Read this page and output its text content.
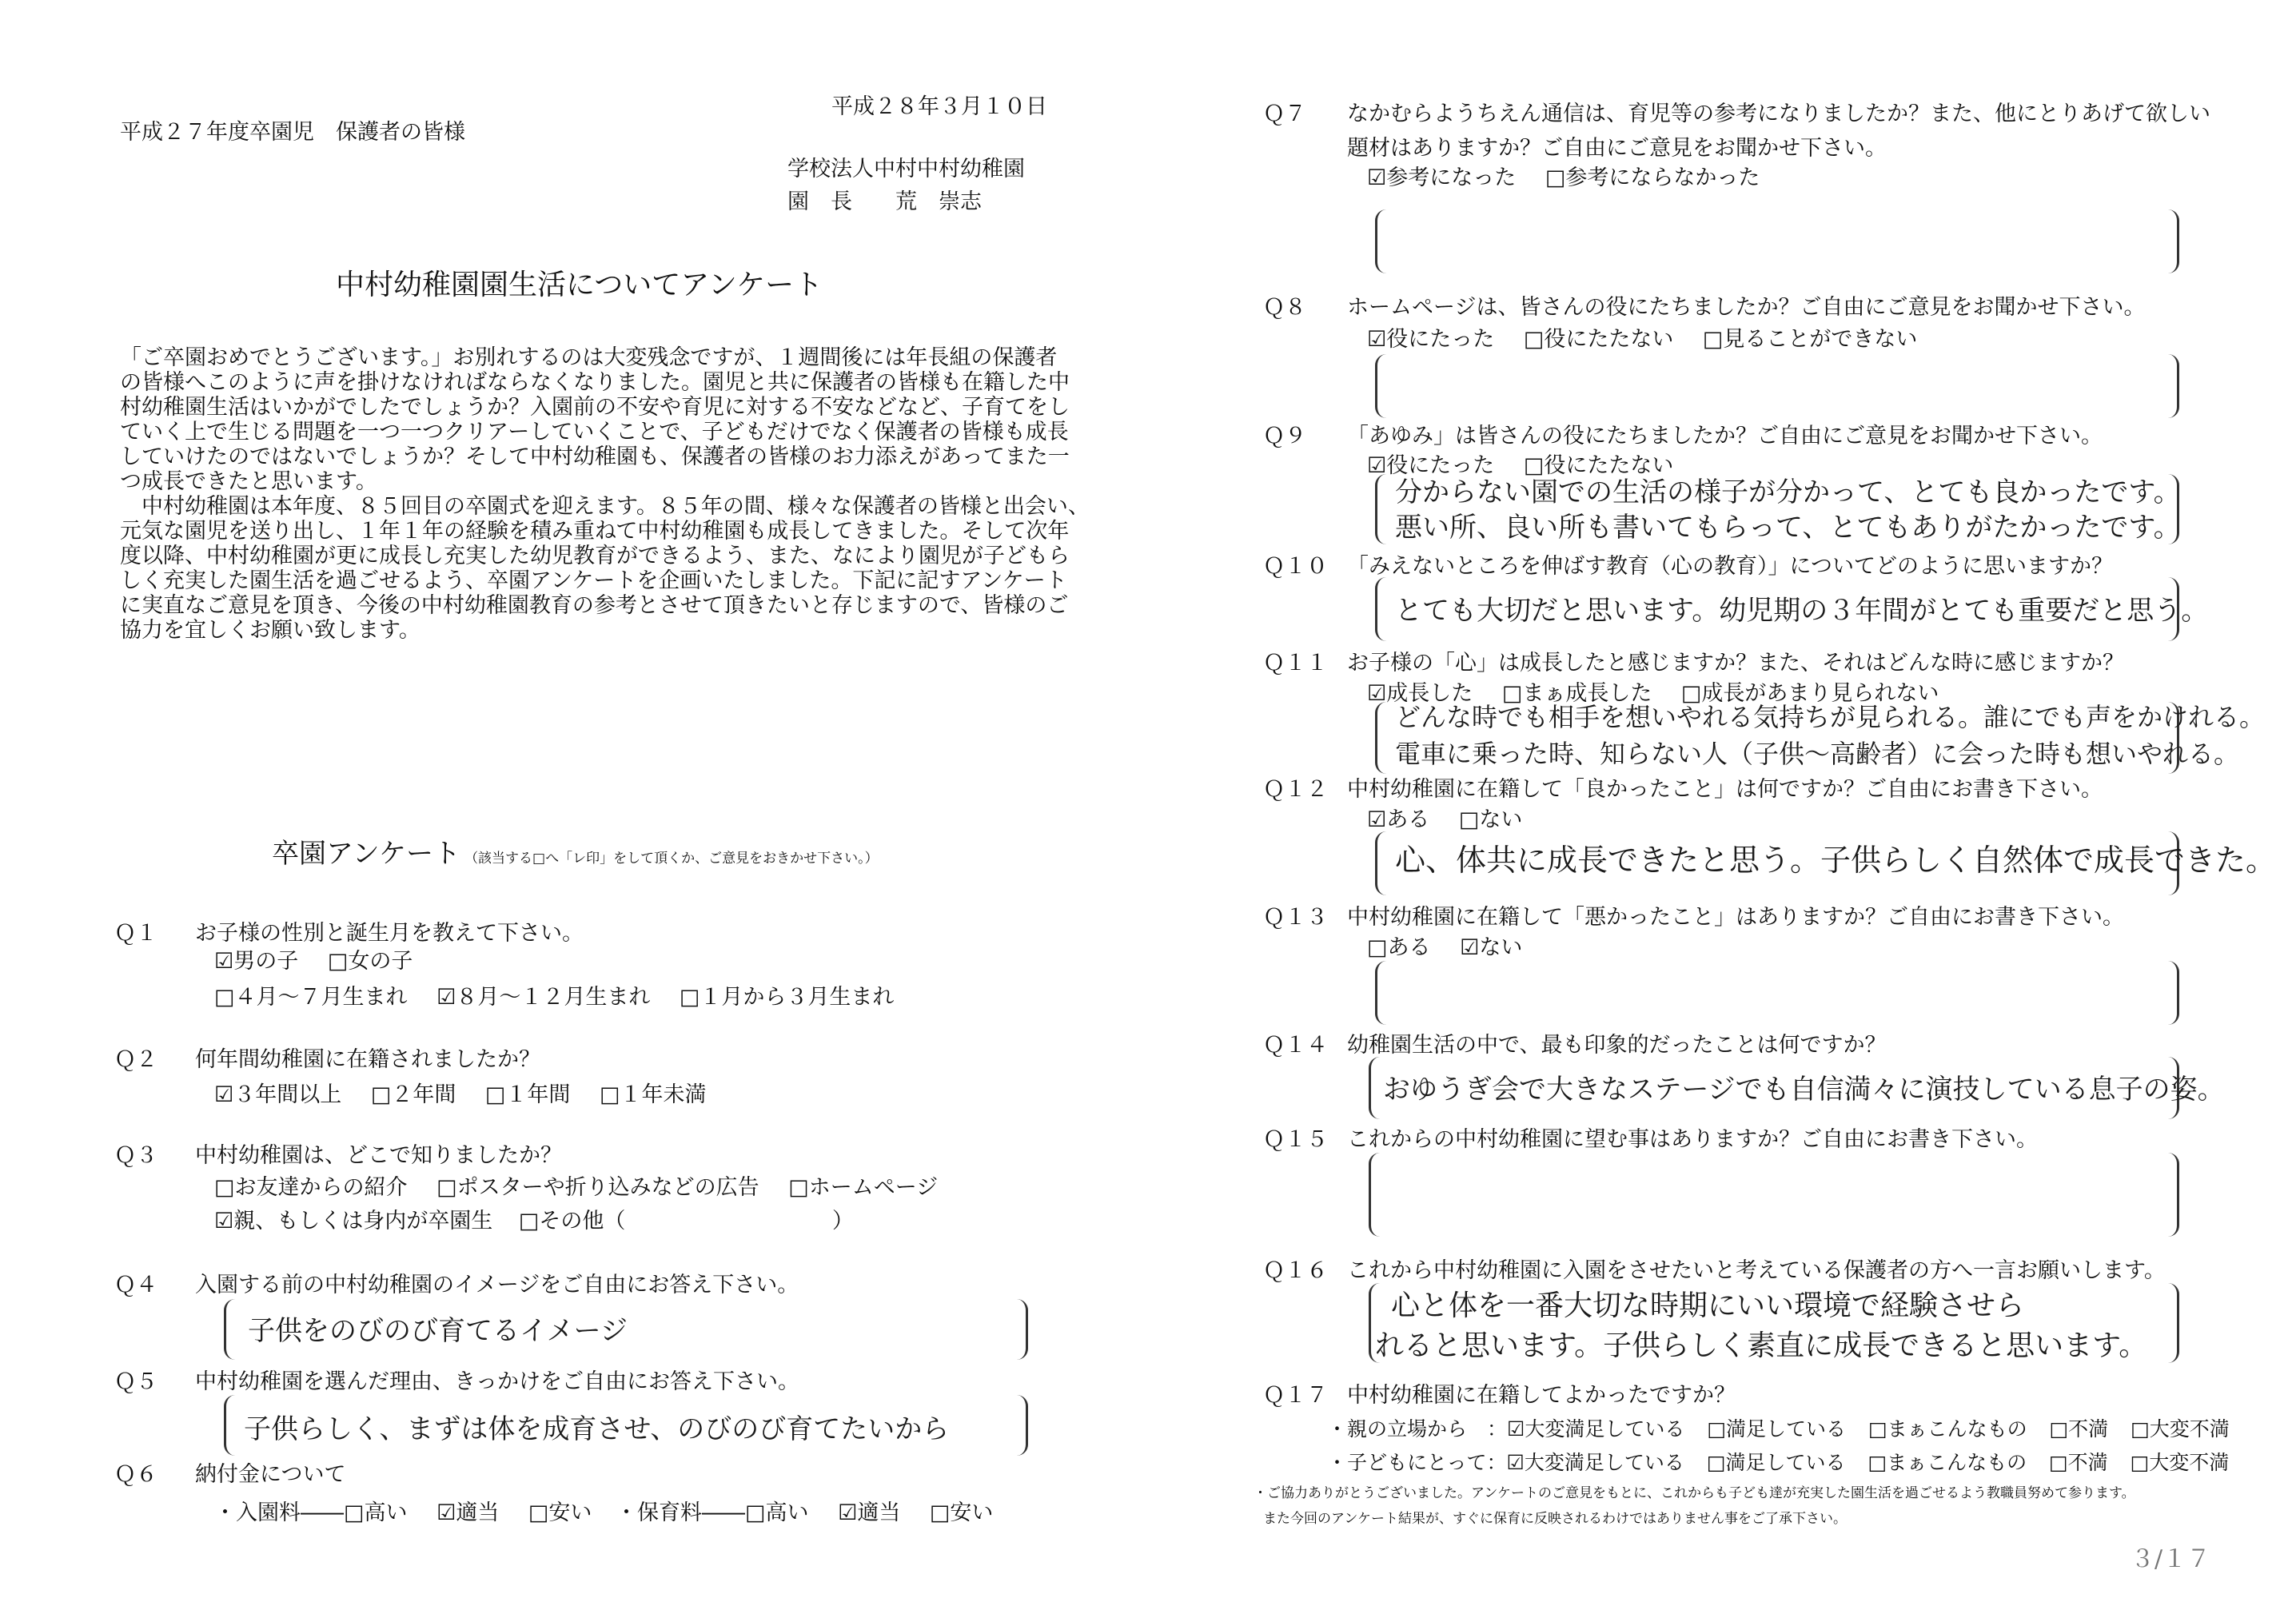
平成２７年度卒園児　保護者の皆様
平成２８年３月１０日
学校法人中村中村幼稚園
園　長　　荒　崇志
中村幼稚園園生活についてアンケート
「ご卒園おめでとうございます。」お別れするのは大変残念ですが、１週間後には年長組の保護者
の皆様へこのように声を掛けなければならなくなりました。園児と共に保護者の皆様も在籍した中
村幼稚園生活はいかがでしたでしょうか？入園前の不安や育児に対する不安などなど、子育てをし
ていく上で生じる問題を一つ一つクリアーしていくことで、子どもだけでなく保護者の皆様も成長
していけたのではないでしょうか？そして中村幼稚園も、保護者の皆様のお力添えがあってまた一
つ成長できたと思います。
　中村幼稚園は本年度、８５回目の卒園式を迎えます。８５年の間、様々な保護者の皆様と出会い、
元気な園児を送り出し、１年１年の経験を積み重ねて中村幼稚園も成長してきました。そして次年
度以降、中村幼稚園が更に成長し充実した幼児教育ができるよう、また、なにより園児が子どもら
しく充実した園生活を過ごせるよう、卒園アンケートを企画いたしました。下記に記すアンケート
に実直なご意見を頂き、今後の中村幼稚園教育の参考とさせて頂きたいと存じますので、皆様のご
協力を宜しくお願い致します。
卒園アンケート （該当する□へ「レ印」をして頂くか、ご意見をおきかせ下さい。）
Ｑ１ お子様の性別と誕生月を教えて下さい。
☑男の子 □女の子
□４月～７月生まれ ☑８月～１２月生まれ □１月から３月生まれ
Ｑ２ 何年間幼稚園に在籍されましたか？
☑３年間以上 □２年間 □１年間 □１年未満
Ｑ３ 中村幼稚園は、どこで知りましたか？
□お友達からの紹介 □ポスターや折り込みなどの広告 □ホームページ
☑親、もしくは身内が卒園生 □その他（	）
Ｑ４ 入園する前の中村幼稚園のイメージをご自由にお答え下さい。
子供をのびのび育てるイメージ
Ｑ５ 中村幼稚園を選んだ理由、きっかけをご自由にお答え下さい。
子供らしく、まずは体を成育させ、のびのび育てたいから
Ｑ６ 納付金について
・入園料――□高い ☑適当 □安い	・保育料――□高い ☑適当 □安い
Ｑ７ なかむらようちえん通信は、育児等の参考になりましたか？また、他にとりあげて欲しい
題材はありますか？ご自由にご意見をお聞かせ下さい。
☑参考になった □参考にならなかった
Ｑ８ ホームページは、皆さんの役にたちましたか？ご自由にご意見をお聞かせ下さい。
☑役にたった □役にたたない □見ることができない
Ｑ９ 「あゆみ」は皆さんの役にたちましたか？ご自由にご意見をお聞かせ下さい。
☑役にたった □役にたたない
分からない園での生活の様子が分かって、とても良かったです。
悪い所、良い所も書いてもらって、とてもありがたかったです。
Ｑ１０ 「みえないところを伸ばす教育（心の教育）」についてどのように思いますか？
とても大切だと思います。幼児期の３年間がとても重要だと思う。
Ｑ１１ お子様の「心」は成長したと感じますか？また、それはどんな時に感じますか？
☑成長した □まぁ成長した □成長があまり見られない
どんな時でも相手を想いやれる気持ちが見られる。誰にでも声をかけれる。
電車に乗った時、知らない人（子供～高齢者）に会った時も想いやれる。
Ｑ１２ 中村幼稚園に在籍して「良かったこと」は何ですか？ご自由にお書き下さい。
☑ある □ない
心、体共に成長できたと思う。子供らしく自然体で成長できた。
Ｑ１３ 中村幼稚園に在籍して「悪かったこと」はありますか？ご自由にお書き下さい。
□ある ☑ない
Ｑ１４ 幼稚園生活の中で、最も印象的だったことは何ですか？
おゆうぎ会で大きなステージでも自信満々に演技している息子の姿。
Ｑ１５ これからの中村幼稚園に望む事はありますか？ご自由にお書き下さい。
Ｑ１６ これから中村幼稚園に入園をさせたいと考えている保護者の方へ一言お願いします。
心と体を一番大切な時期にいい環境で経験させら
れると思います。子供らしく素直に成長できると思います。
Ｑ１７ 中村幼稚園に在籍してよかったですか？
・親の立場から　：☑大変満足している □満足している □まぁこんなもの □不満 □大変不満
・子どもにとって：☑大変満足している □満足している □まぁこんなもの □不満 □大変不満
・ご協力ありがとうございました。アンケートのご意見をもとに、これからも子ども達が充実した園生活を過ごせるよう教職員努めて参ります。
また今回のアンケート結果が、すぐに保育に反映されるわけではありません事をご了承下さい。
３/１７
